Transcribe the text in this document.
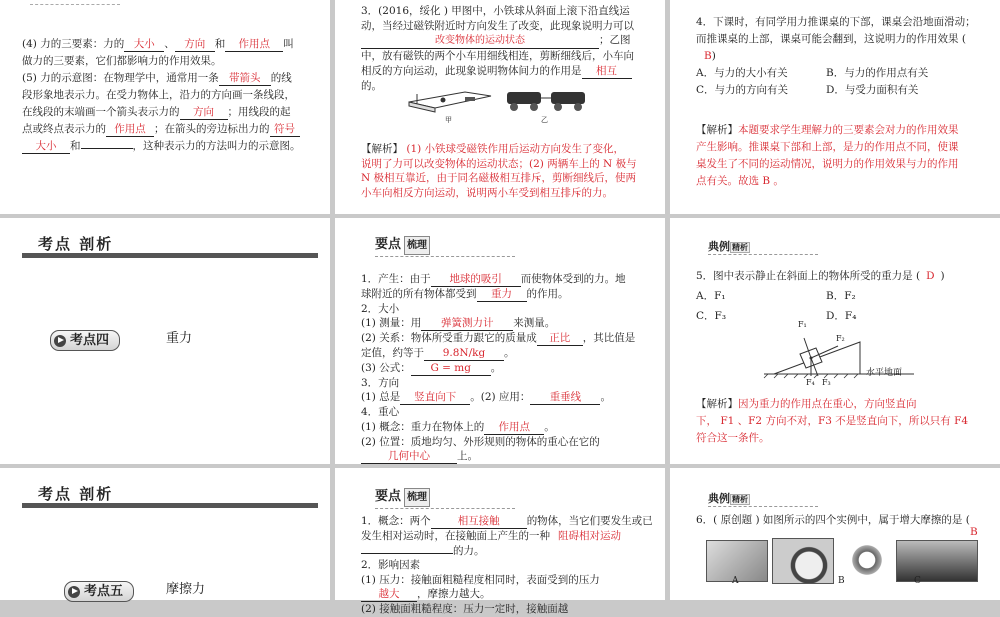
(4) 力的三要素：力的 大小 、 方向 和 作用点 叫

做力的三要素，它们都影响力的作用效果。

(5) 力的示意图：在物理学中，通常用一条 带箭头 的线

段形象地表示力。在受力物体上，沿力的方向画一条线段，

在线段的末端画一个箭头表示力的 方向 ；用线段的起

点或终点表示力的 作用点 ；在箭头的旁边标出力的 符号

大小 和	，这种表示力的方法叫力的示意图。

3．(2016，绥化 ) 甲图中，小铁球从斜面上滚下沿直线运

动，当经过磁铁附近时方向发生了改变，此现象说明力可以

改变物体的运动状态	；乙图

中，放有磁铁的两个小车用细线相连，剪断细线后，小车向

相反的方向运动，此现象说明物体间力的作用是 相互

的。

甲	乙

【解析】 (1) 小铁球受磁铁作用后运动方向发生了变化，

说明了力可以改变物体的运动状态；(2) 两辆车上的 N 极与

N 极相互靠近，由于同名磁极相互排斥，剪断细线后，使两

小车向相反方向运动，说明两小车受到相互排斥的力。

4．下课时，有同学用力推课桌的下部，课桌会沿地面滑动；

而推课桌的上部，课桌可能会翻到，这说明力的作用效果 (

B)

A．与力的大小有关	B．与力的作用点有关

C．与力的方向有关	D．与受力面积有关

【解析】本题要求学生理解力的三要素会对力的作用效果

产生影响。推课桌下部和上部，是力的作用点不同，使课

桌发生了不同的运动情况，说明力的作用效果与力的作用

点有关。故选 B 。

考点 剖析
考点四	重力
要点 梳理

1．产生：由于 地球的吸引 而使物体受到的力。地

球附近的所有物体都受到 重力 的作用。

2．大小

(1) 测量：用 弹簧测力计 来测量。

(2) 关系：物体所受重力跟它的质量成 正比 ，其比值是

定值，约等于 9.8N/kg 。

(3) 公式： G = mg 。

3．方向

(1) 总是 竖直向下 。(2) 应用： 重垂线 。

4．重心

(1) 概念：重力在物体上的 作用点 。

(2) 位置：质地均匀、外形规则的物体的重心在它的

几何中心	上。

典例 精析

5．图中表示静止在斜面上的物体所受的重力是 ( D )

A．F₁	B．F₂

C．F₃	D．F₄

F₁
F₂
F₃
F₄
水平地面

【解析】因为重力的作用点在重心，方向竖直向

下， F1 、F2 方向不对，F3 不是竖直向下，所以只有 F4

符合这一条件。

考点 剖析
考点五	摩擦力
要点 梳理

1．概念：两个	相互接触	的物体，当它们要发生或已

发生相对运动时，在接触面上产生的一种 阻碍相对运动

的力。

2．影响因素

(1) 压力：接触面粗糙程度相同时，表面受到的压力

越大 ，摩擦力越大。

(2) 接触面粗糙程度：压力一定时，接触面越

典例 精析

6．( 原创题 ) 如图所示的四个实例中，属于增大摩擦的是 (

B
A	B	C
